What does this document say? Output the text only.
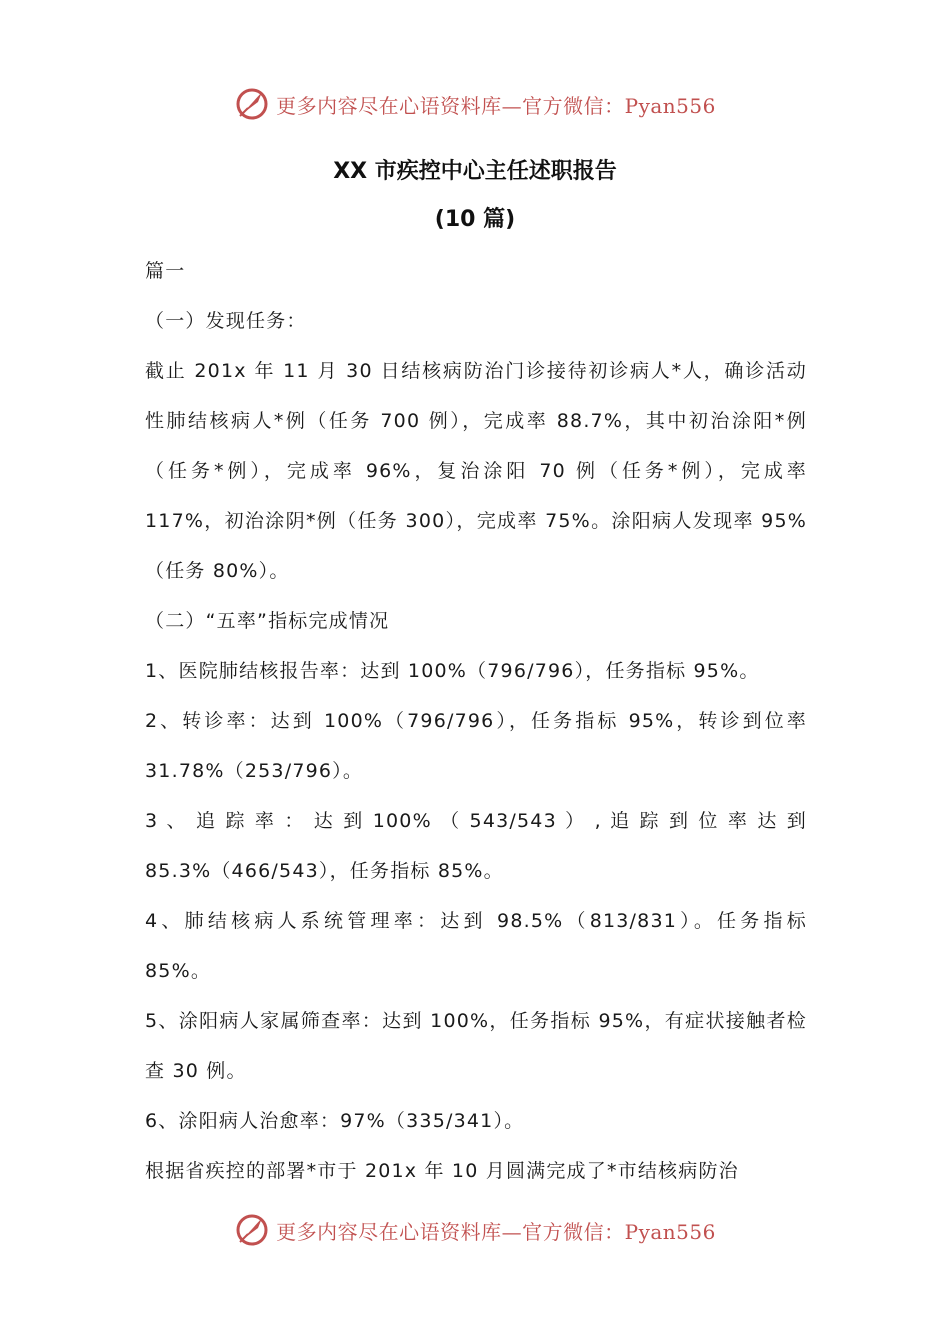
更多内容尽在心语资料库—官方微信：Pyan556
XX 市疾控中心主任述职报告
(10 篇)

篇一

（一）发现任务：

截止 201x 年 11 月 30 日结核病防治门诊接待初诊病人*人，确诊活动性肺结核病人*例（任务 700 例），完成率 88.7%，其中初治涂阳*例（任务*例），完成率 96%，复治涂阳 70 例（任务*例），完成率 117%，初治涂阴*例（任务 300），完成率 75%。涂阳病人发现率 95%（任务 80%）。

（二）“五率”指标完成情况

1、医院肺结核报告率：达到 100%（796/796），任务指标 95%。

2、转诊率：达到 100%（796/796），任务指标 95%，转诊到位率 31.78%（253/796）。

3 、 追 踪 率 ： 达 到 100% （ 543/543 ） , 追 踪 到 位 率 达 到 85.3%（466/543），任务指标 85%。

4、肺结核病人系统管理率：达到 98.5%（813/831）。任务指标 85%。

5、涂阳病人家属筛查率：达到 100%，任务指标 95%，有症状接触者检查 30 例。

6、涂阳病人治愈率：97%（335/341）。

根据省疾控的部署*市于 201x 年 10 月圆满完成了*市结核病防治

更多内容尽在心语资料库—官方微信：Pyan556
